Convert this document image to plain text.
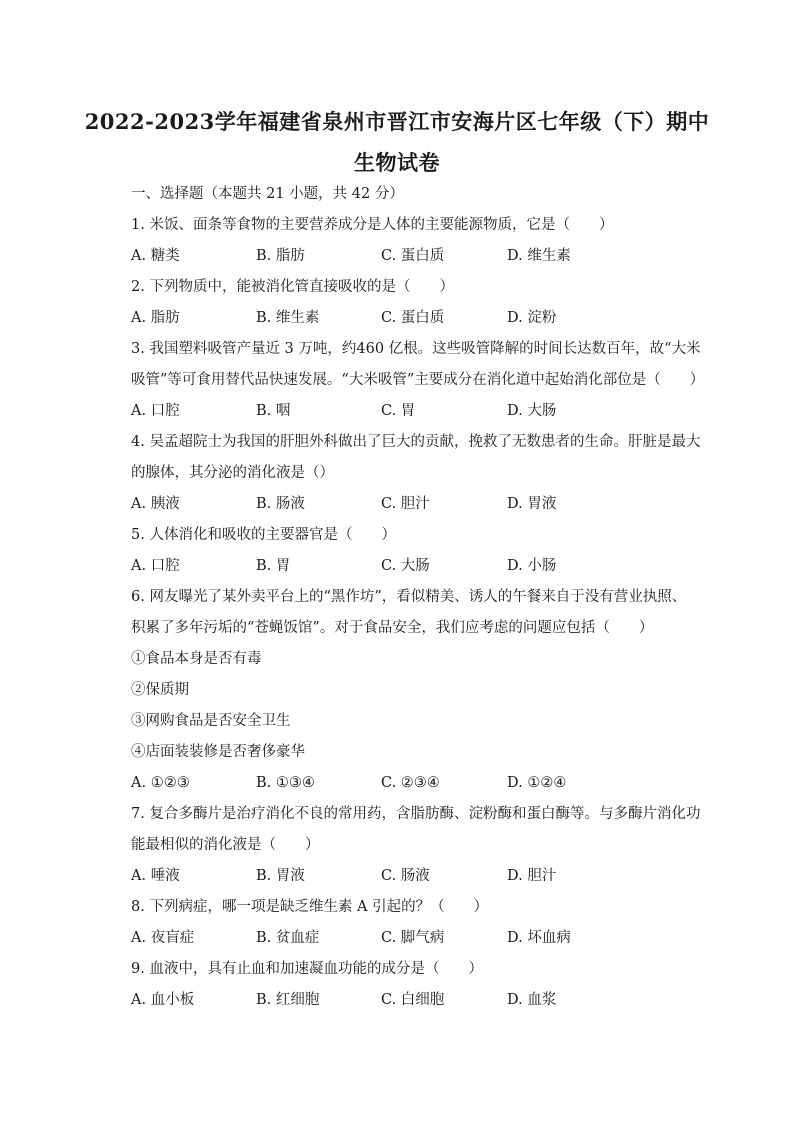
2022-2023学年福建省泉州市晋江市安海片区七年级（下）期中
生物试卷
一、选择题（本题共 21 小题，共 42 分）
1. 米饭、面条等食物的主要营养成分是人体的主要能源物质，它是（　　）
A. 糖类	B. 脂肪	C. 蛋白质	D. 维生素
2. 下列物质中，能被消化管直接吸收的是（　　）
A. 脂肪	B. 维生素	C. 蛋白质	D. 淀粉
3. 我国塑料吸管产量近 3 万吨，约460 亿根。这些吸管降解的时间长达数百年，故“大米
吸管”等可食用替代品快速发展。“大米吸管”主要成分在消化道中起始消化部位是（　　）
A. 口腔	B. 咽	C. 胃	D. 大肠
4. 吴孟超院士为我国的肝胆外科做出了巨大的贡献，挽救了无数患者的生命。肝脏是最大
的腺体，其分泌的消化液是（）
A. 胰液	B. 肠液	C. 胆汁	D. 胃液
5. 人体消化和吸收的主要器官是（　　）
A. 口腔	B. 胃	C. 大肠	D. 小肠
6. 网友曝光了某外卖平台上的“黑作坊”，看似精美、诱人的午餐来自于没有营业执照、
积累了多年污垢的“苍蝇饭馆”。对于食品安全，我们应考虑的问题应包括（　　）
①食品本身是否有毒
②保质期
③网购食品是否安全卫生
④店面装装修是否奢侈豪华
A. ①②③	B. ①③④	C. ②③④	D. ①②④
7. 复合多酶片是治疗消化不良的常用药，含脂肪酶、淀粉酶和蛋白酶等。与多酶片消化功
能最相似的消化液是（　　）
A. 唾液	B. 胃液	C. 肠液	D. 胆汁
8. 下列病症，哪一项是缺乏维生素 A 引起的？（　　）
A. 夜盲症	B. 贫血症	C. 脚气病	D. 坏血病
9. 血液中，具有止血和加速凝血功能的成分是（　　）
A. 血小板	B. 红细胞	C. 白细胞	D. 血浆
